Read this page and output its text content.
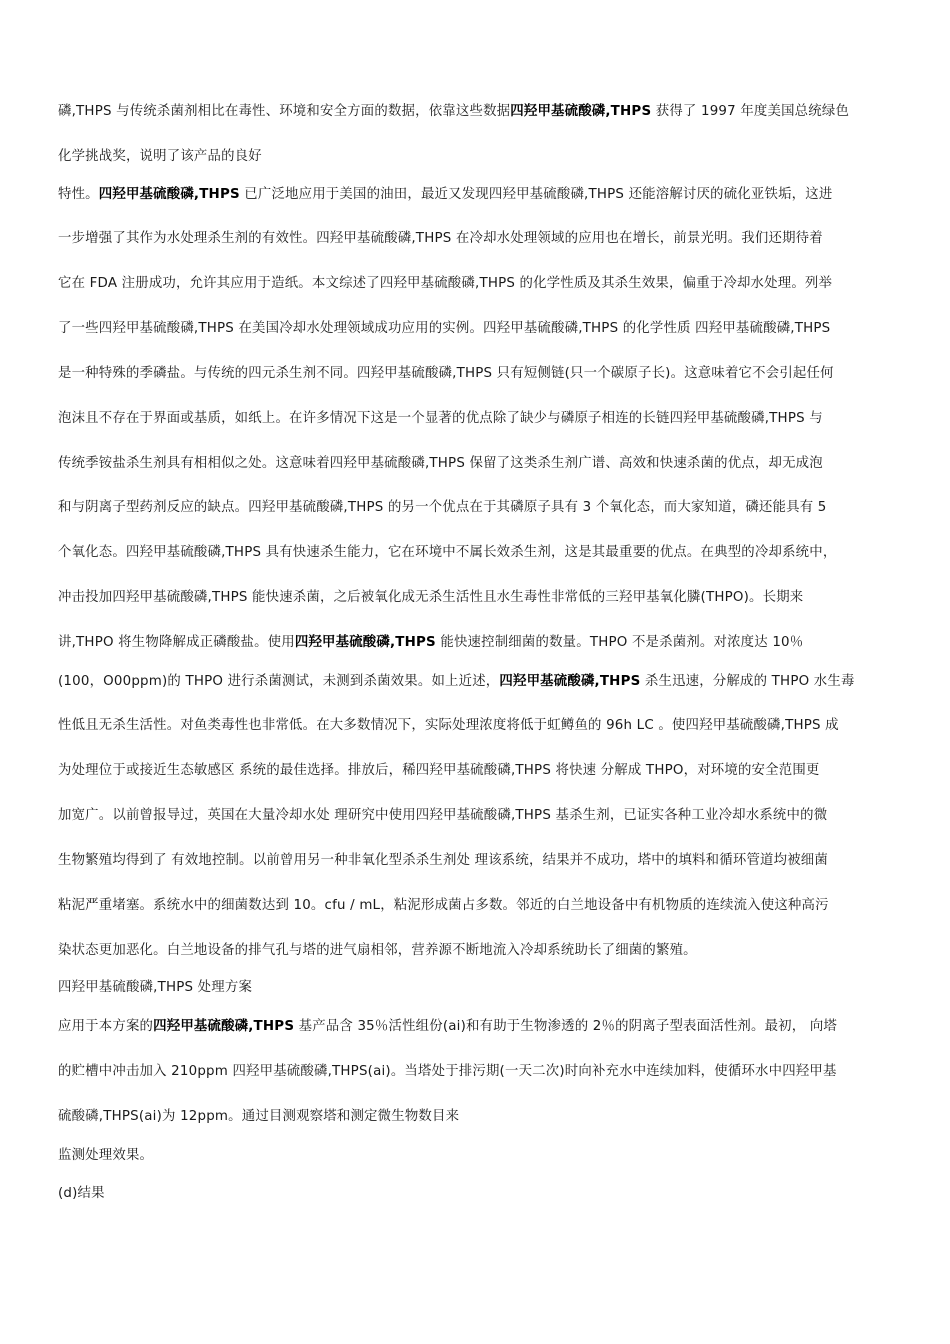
磷,THPS 与传统杀菌剂相比在毒性、环境和安全方面的数据，依靠这些数据四羟甲基硫酸磷,THPS 获得了 1997 年度美国总统绿色
化学挑战奖，说明了该产品的良好
特性。四羟甲基硫酸磷,THPS 已广泛地应用于美国的油田，最近又发现四羟甲基硫酸磷,THPS 还能溶解讨厌的硫化亚铁垢，这进
一步增强了其作为水处理杀生剂的有效性。四羟甲基硫酸磷,THPS 在冷却水处理领域的应用也在增长，前景光明。我们还期待着
它在 FDA 注册成功，允许其应用于造纸。本文综述了四羟甲基硫酸磷,THPS 的化学性质及其杀生效果，偏重于冷却水处理。列举
了一些四羟甲基硫酸磷,THPS 在美国冷却水处理领域成功应用的实例。四羟甲基硫酸磷,THPS 的化学性质 四羟甲基硫酸磷,THPS
是一种特殊的季磷盐。与传统的四元杀生剂不同。四羟甲基硫酸磷,THPS 只有短侧链(只一个碳原子长)。这意味着它不会引起任何
泡沫且不存在于界面或基质，如纸上。在许多情况下这是一个显著的优点除了缺少与磷原子相连的长链四羟甲基硫酸磷,THPS 与
传统季铵盐杀生剂具有相相似之处。这意味着四羟甲基硫酸磷,THPS 保留了这类杀生剂广谱、高效和快速杀菌的优点，却无成泡
和与阴离子型药剂反应的缺点。四羟甲基硫酸磷,THPS 的另一个优点在于其磷原子具有 3 个氧化态，而大家知道，磷还能具有 5
个氧化态。四羟甲基硫酸磷,THPS 具有快速杀生能力，它在环境中不属长效杀生剂，这是其最重要的优点。在典型的冷却系统中，
冲击投加四羟甲基硫酸磷,THPS 能快速杀菌，之后被氧化成无杀生活性且水生毒性非常低的三羟甲基氧化膦(THPO)。长期来
讲,THPO 将生物降解成正磷酸盐。使用四羟甲基硫酸磷,THPS 能快速控制细菌的数量。THPO 不是杀菌剂。对浓度达 10％
(100，O00ppm)的 THPO 进行杀菌测试，未测到杀菌效果。如上近述，四羟甲基硫酸磷,THPS 杀生迅速，分解成的 THPO 水生毒
性低且无杀生活性。对鱼类毒性也非常低。在大多数情况下，实际处理浓度将低于虹鳟鱼的 96h LC 。使四羟甲基硫酸磷,THPS 成
为处理位于或接近生态敏感区 系统的最佳选择。排放后，稀四羟甲基硫酸磷,THPS 将快速 分解成 THPO，对环境的安全范围更
加宽广。以前曾报导过，英国在大量冷却水处 理研究中使用四羟甲基硫酸磷,THPS 基杀生剂，已证实各种工业冷却水系统中的微
生物繁殖均得到了 有效地控制。以前曾用另一种非氧化型杀杀生剂处 理该系统，结果并不成功，塔中的填料和循环管道均被细菌
粘泥严重堵塞。系统水中的细菌数达到 10。cfu / mL，粘泥形成菌占多数。邻近的白兰地设备中有机物质的连续流入使这种高污
染状态更加恶化。白兰地设备的排气孔与塔的进气扇相邻，营养源不断地流入冷却系统助长了细菌的繁殖。
四羟甲基硫酸磷,THPS 处理方案
应用于本方案的四羟甲基硫酸磷,THPS 基产品含 35％活性组份(ai)和有助于生物渗透的 2％的阴离子型表面活性剂。最初， 向塔
的贮槽中冲击加入 210ppm 四羟甲基硫酸磷,THPS(ai)。当塔处于排污期(一天二次)时向补充水中连续加料，使循环水中四羟甲基
硫酸磷,THPS(ai)为 12ppm。通过目测观察塔和测定微生物数目来
监测处理效果。
(d)结果
